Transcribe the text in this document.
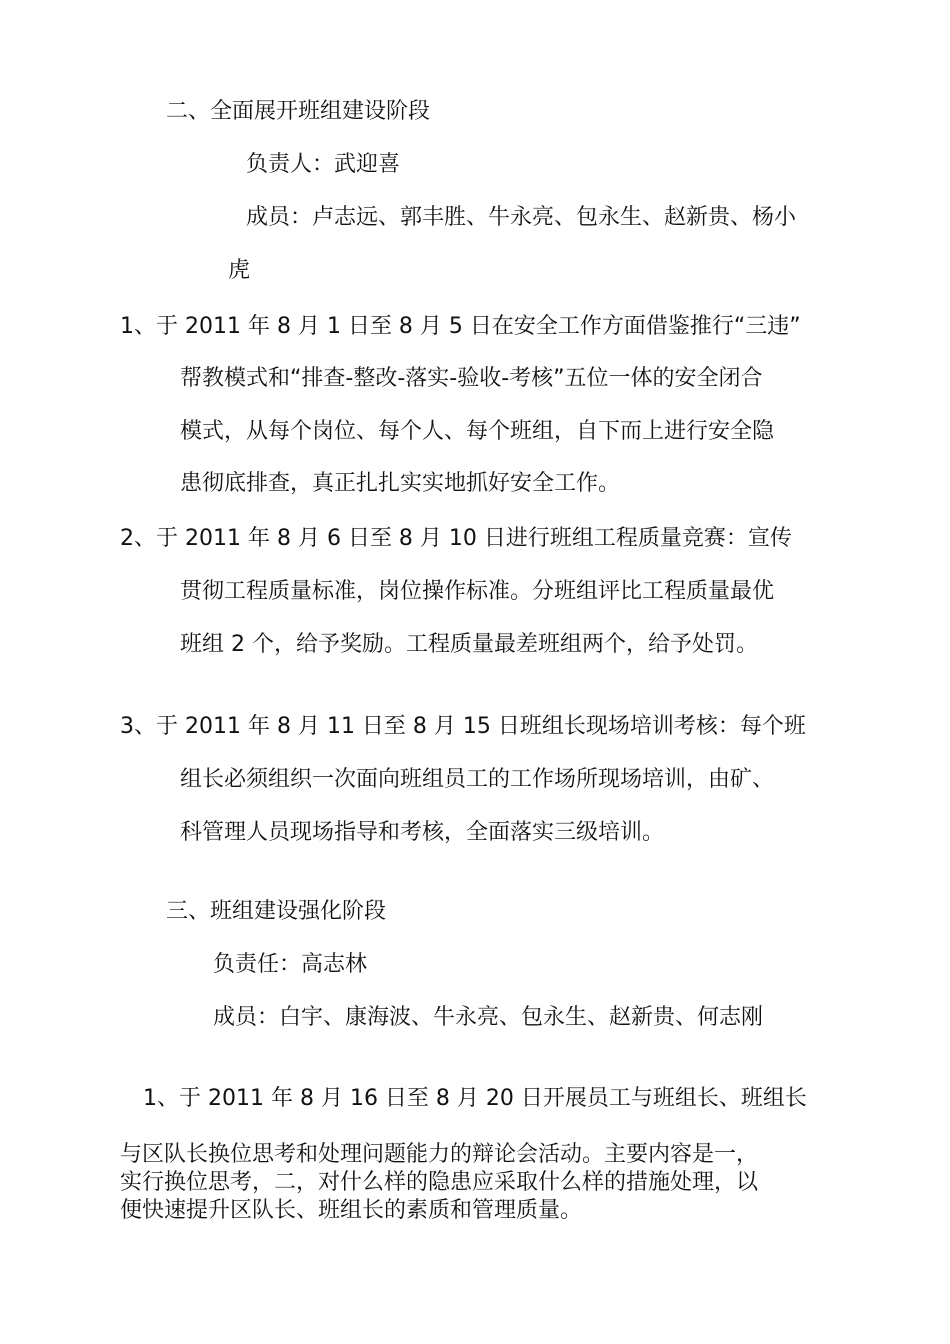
二、全面展开班组建设阶段
负责人：武迎喜
成员：卢志远、郭丰胜、牛永亮、包永生、赵新贵、杨小
虎
1、于 2011 年 8 月 1 日至 8 月 5 日在安全工作方面借鉴推行“三违”
帮教模式和“排查-整改-落实-验收-考核”五位一体的安全闭合
模式，从每个岗位、每个人、每个班组，自下而上进行安全隐
患彻底排查，真正扎扎实实地抓好安全工作。
2、于 2011 年 8 月 6 日至 8 月 10 日进行班组工程质量竞赛：宣传
贯彻工程质量标准，岗位操作标准。分班组评比工程质量最优
班组 2 个，给予奖励。工程质量最差班组两个，给予处罚。
3、于 2011 年 8 月 11 日至 8 月 15 日班组长现场培训考核：每个班
组长必须组织一次面向班组员工的工作场所现场培训，由矿、
科管理人员现场指导和考核，全面落实三级培训。
三、班组建设强化阶段
负责任：高志林
成员：白宇、康海波、牛永亮、包永生、赵新贵、何志刚
1、于 2011 年 8 月 16 日至 8 月 20 日开展员工与班组长、班组长
与区队长换位思考和处理问题能力的辩论会活动。主要内容是一，
实行换位思考，二，对什么样的隐患应采取什么样的措施处理，以
便快速提升区队长、班组长的素质和管理质量。
